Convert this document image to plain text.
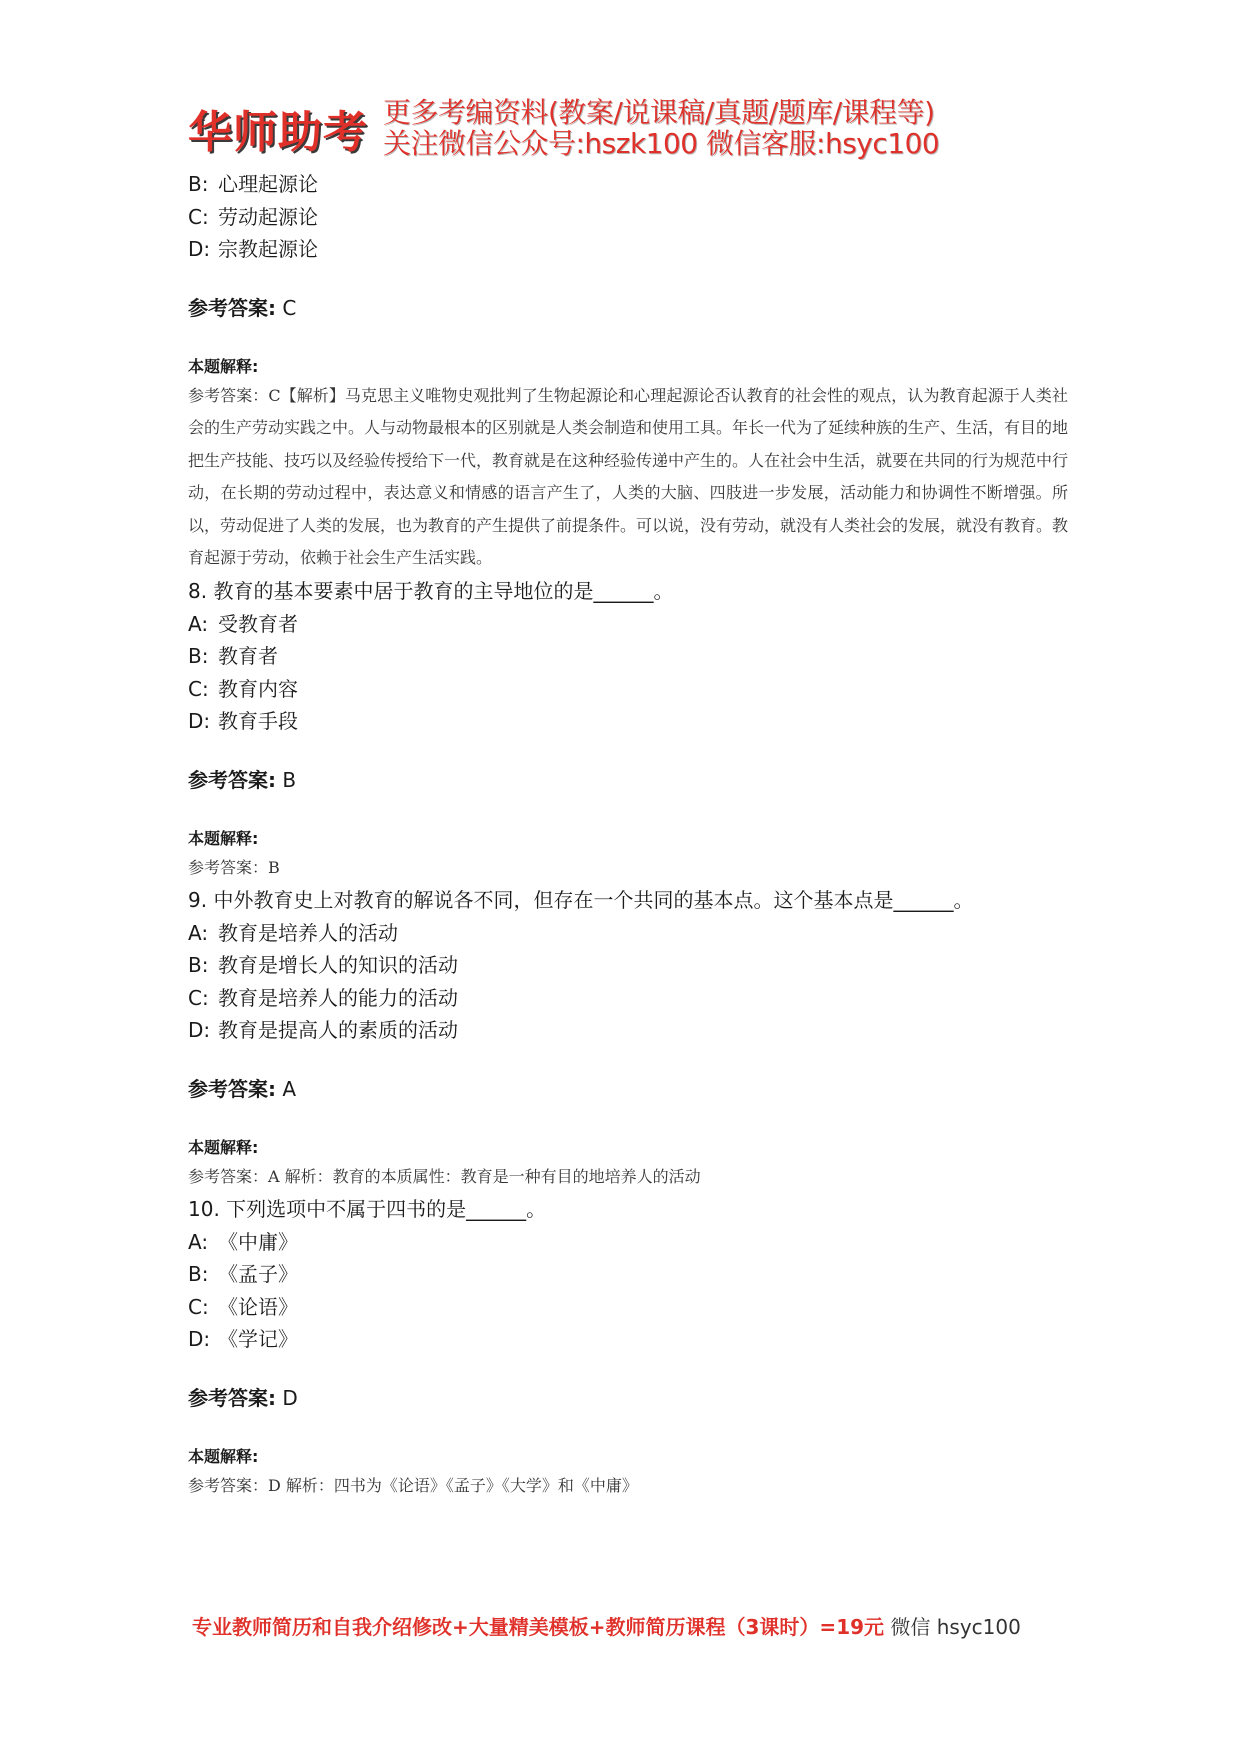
华师助考 更多考编资料(教案/说课稿/真题/题库/课程等)
关注微信公众号:hszk100 微信客服:hsyc100
B: 心理起源论
C: 劳动起源论
D: 宗教起源论
参考答案: C
本题解释:
参考答案：C【解析】马克思主义唯物史观批判了生物起源论和心理起源论否认教育的社会性的观点，认为教育起源于人类社会的生产劳动实践之中。人与动物最根本的区别就是人类会制造和使用工具。年长一代为了延续种族的生产、生活，有目的地把生产技能、技巧以及经验传授给下一代，教育就是在这种经验传递中产生的。人在社会中生活，就要在共同的行为规范中行动，在长期的劳动过程中，表达意义和情感的语言产生了，人类的大脑、四肢进一步发展，活动能力和协调性不断增强。所以，劳动促进了人类的发展，也为教育的产生提供了前提条件。可以说，没有劳动，就没有人类社会的发展，就没有教育。教育起源于劳动，依赖于社会生产生活实践。
8. 教育的基本要素中居于教育的主导地位的是______。
A: 受教育者
B: 教育者
C: 教育内容
D: 教育手段
参考答案: B
本题解释:
参考答案：B
9. 中外教育史上对教育的解说各不同，但存在一个共同的基本点。这个基本点是______。
A: 教育是培养人的活动
B: 教育是增长人的知识的活动
C: 教育是培养人的能力的活动
D: 教育是提高人的素质的活动
参考答案: A
本题解释:
参考答案：A 解析：教育的本质属性：教育是一种有目的地培养人的活动
10. 下列选项中不属于四书的是______。
A: 《中庸》
B: 《孟子》
C: 《论语》
D: 《学记》
参考答案: D
本题解释:
参考答案：D 解析：四书为《论语》《孟子》《大学》和《中庸》
专业教师简历和自我介绍修改+大量精美模板+教师简历课程（3课时）=19元 微信 hsyc100
